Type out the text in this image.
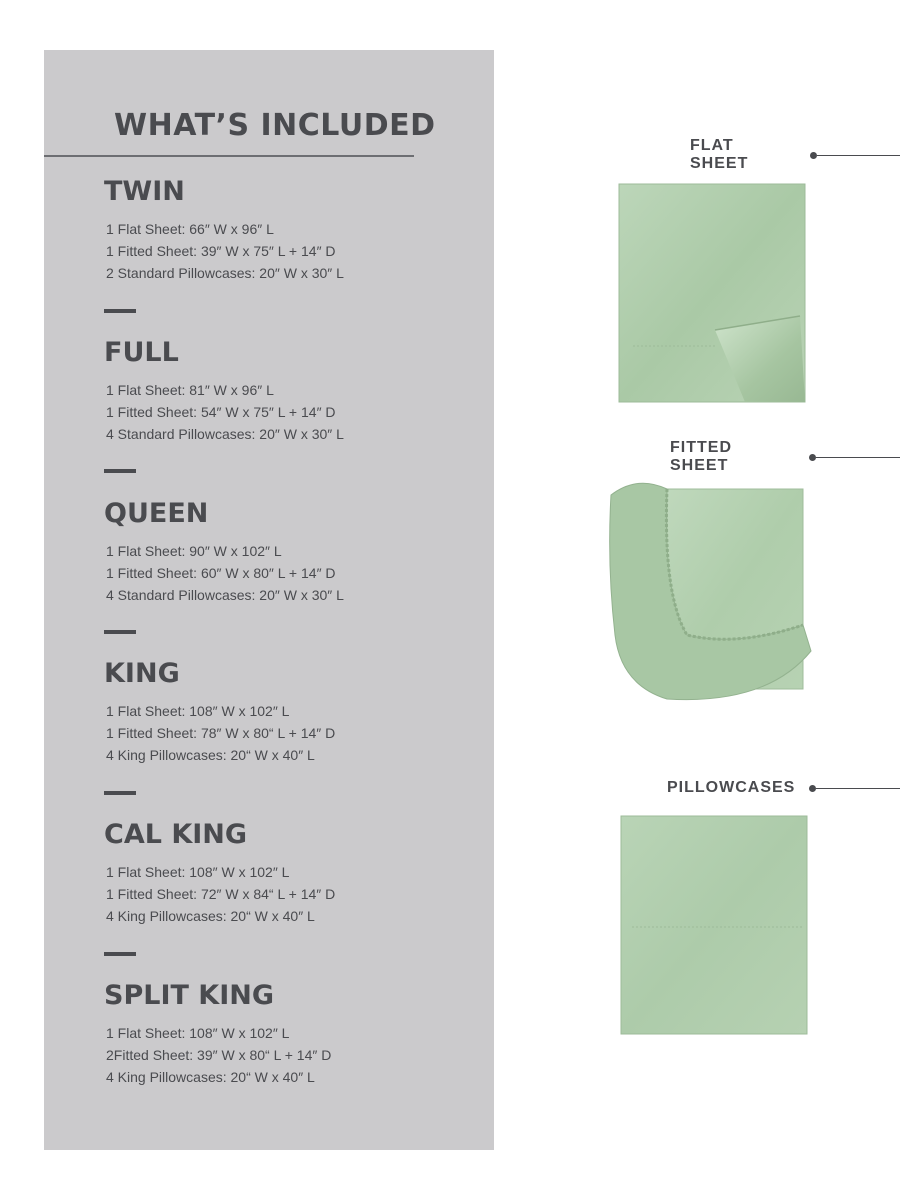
WHAT’S INCLUDED
TWIN
1 Flat Sheet: 66″ W x 96″ L
1 Fitted Sheet: 39″ W x 75″ L + 14″ D
2 Standard Pillowcases: 20″ W x 30″ L
FULL
1 Flat Sheet: 81″ W x 96″ L
1 Fitted Sheet: 54″ W x 75″ L + 14″ D
4 Standard Pillowcases: 20″ W x 30″ L
QUEEN
1 Flat Sheet: 90″ W x 102″ L
1 Fitted Sheet: 60″ W x 80″ L + 14″ D
4 Standard Pillowcases: 20″ W x 30″ L
KING
1 Flat Sheet: 108″ W x 102″ L
1 Fitted Sheet: 78″ W x 80“ L + 14″ D
4 King Pillowcases: 20“ W x 40″ L
CAL KING
1 Flat Sheet: 108″ W x 102″ L
1 Fitted Sheet: 72″ W x 84“ L + 14″ D
4 King Pillowcases: 20“ W x 40″ L
SPLIT KING
1 Flat Sheet: 108″ W x 102″ L
2Fitted Sheet: 39″ W x 80“ L + 14″ D
4 King Pillowcases: 20“ W x 40″ L
FLAT SHEET
FITTED SHEET
PILLOWCASES
